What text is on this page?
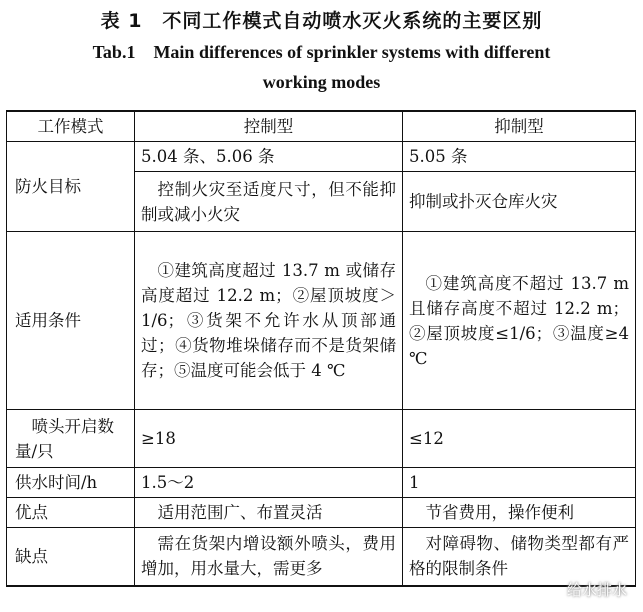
表 1　不同工作模式自动喷水灭火系统的主要区别
Tab.1　Main differences of sprinkler systems with different
working modes
工作模式	控制型	抑制型
防火目标	5.04 条、5.06 条	5.05 条
	控制火灾至适度尺寸，但不能抑制或减小火灾	抑制或扑灭仓库火灾
适用条件	①建筑高度超过 13.7 m 或储存高度超过 12.2 m；②屋顶坡度＞1/6；③货架不允许水从顶部通过；④货物堆垛储存而不是货架储存；⑤温度可能会低于 4 ℃	①建筑高度不超过 13.7 m 且储存高度不超过 12.2 m；②屋顶坡度≤1/6；③温度≥4 ℃
喷头开启数量/只	≥18	≤12
供水时间/h	1.5～2	1
优点	适用范围广、布置灵活	节省费用，操作便利
缺点	需在货架内增设额外喷头，费用增加，用水量大，需更多	对障碍物、储物类型都有严格的限制条件
给水排水
